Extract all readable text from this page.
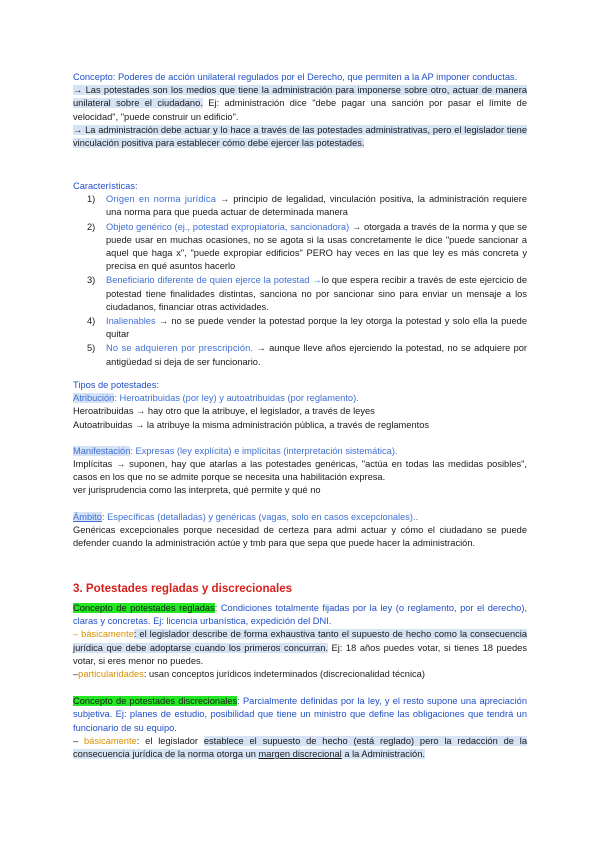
Concepto: Poderes de acción unilateral regulados por el Derecho, que permiten a la AP imponer conductas.

→ Las potestades son los medios que tiene la administración para imponerse sobre otro, actuar de manera unilateral sobre el ciudadano. Ej: administración dice "debe pagar una sanción por pasar el límite de velocidad", "puede construir un edificio".

→ La administración debe actuar y lo hace a través de las potestades administrativas, pero el legislador tiene vinculación positiva para establecer cómo debe ejercer las potestades.

Características:

1) Origen en norma jurídica → principio de legalidad, vinculación positiva, la administración requiere una norma para que pueda actuar de determinada manera
2) Objeto genérico (ej., potestad expropiatoria, sancionadora) → otorgada a través de la norma y que se puede usar en muchas ocasiones, no se agota si la usas concretamente le dice "puede sancionar a aquel que haga x", "puede expropiar edificios" PERO hay veces en las que ley es más concreta y precisa en qué asuntos hacerlo
3) Beneficiario diferente de quien ejerce la potestad →lo que espera recibir a través de este ejercicio de potestad tiene finalidades distintas, sanciona no por sancionar sino para enviar un mensaje a los ciudadanos, financiar otras actividades.
4) Inalienables → no se puede vender la potestad porque la ley otorga la potestad y solo ella la puede quitar
5) No se adquieren por prescripción. → aunque lleve años ejerciendo la potestad, no se adquiere por antigüedad si deja de ser funcionario.

Tipos de potestades:

Atribución: Heroatribuidas (por ley) y autoatribuidas (por reglamento).

Heroatribuidas → hay otro que la atribuye, el legislador, a través de leyes

Autoatribuidas → la atribuye la misma administración pública, a través de reglamentos

Manifestación: Expresas (ley explícita) e implícitas (interpretación sistemática).

Implícitas → suponen, hay que atarlas a las potestades genéricas, "actúa en todas las medidas posibles", casos en los que no se admite porque se necesita una habilitación expresa.

ver jurisprudencia como las interpreta, qué permite y qué no

Ámbito: Específicas (detalladas) y genéricas (vagas, solo en casos excepcionales)..

Genéricas excepcionales porque necesidad de certeza para admi actuar y cómo el ciudadano se puede defender cuando la administración actúe y tmb para que sepa que puede hacer la administración.

3. Potestades regladas y discrecionales

Concepto de potestades regladas: Condiciones totalmente fijadas por la ley (o reglamento, por el derecho), claras y concretas. Ej: licencia urbanística, expedición del DNI.

– básicamente: el legislador describe de forma exhaustiva tanto el supuesto de hecho como la consecuencia jurídica que debe adoptarse cuando los primeros concurran. Ej: 18 años puedes votar, si tienes 18 puedes votar, si eres menor no puedes.

–particularidades: usan conceptos jurídicos indeterminados (discrecionalidad técnica)

Concepto de potestades discrecionales: Parcialmente definidas por la ley, y el resto supone una apreciación subjetiva. Ej: planes de estudio, posibilidad que tiene un ministro que define las obligaciones que tendrá un funcionario de su equipo.

– básicamente: el legislador establece el supuesto de hecho (está reglado) pero la redacción de la consecuencia jurídica de la norma otorga un margen discrecional a la Administración.
